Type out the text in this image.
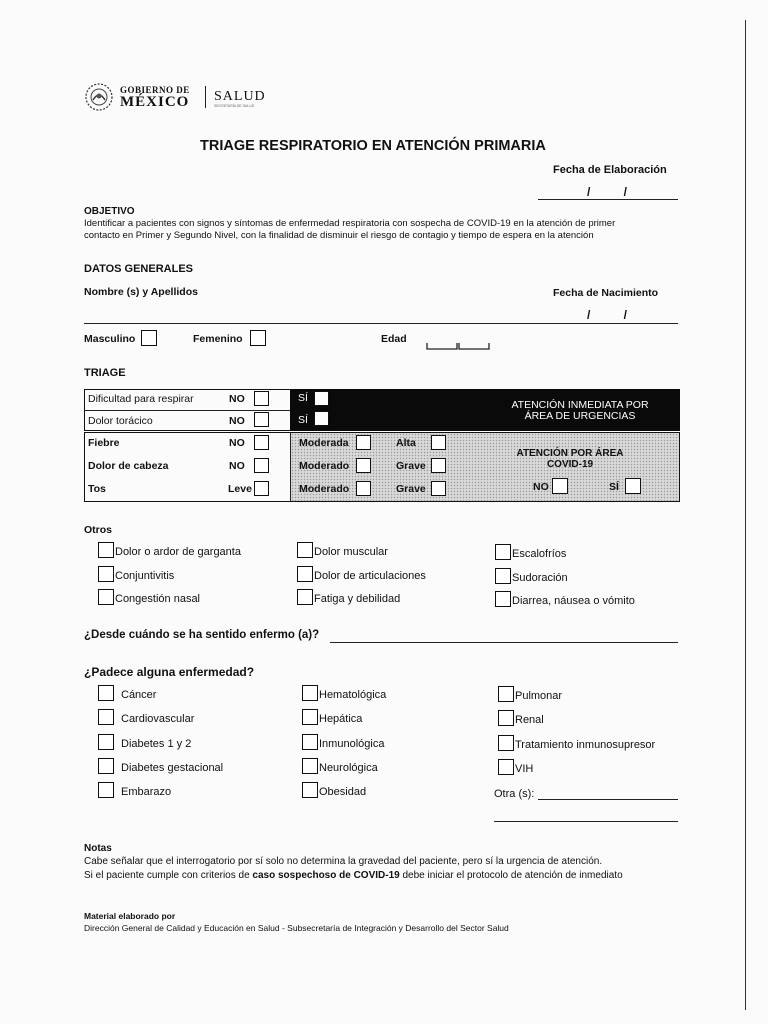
GOBIERNO DE
MÉXICO SALUD
SECRETARÍA DE SALUD
TRIAGE RESPIRATORIO EN ATENCIÓN PRIMARIA
Fecha de Elaboración
/          /
OBJETIVO
Identificar a pacientes con signos y síntomas de enfermedad respiratoria con sospecha de COVID-19 en la atención de primer
contacto en Primer y Segundo Nivel, con la finalidad de disminuir el riesgo de contagio y tiempo de espera en la atención
DATOS GENERALES
Nombre (s) y Apellidos	Fecha de Nacimiento
/          /
Masculino	Femenino	Edad
TRIAGE
Dificultad para respirar	NO	SÍ
Dolor torácico	NO	SÍ
ATENCIÓN INMEDIATA POR
ÁREA DE URGENCIAS
Fiebre	NO	Moderada	Alta
Dolor de cabeza	NO	Moderado	Grave
Tos	Leve	Moderado	Grave
ATENCIÓN POR ÁREA
COVID-19
NO	SÍ
Otros
Dolor o ardor de garganta
Conjuntivitis
Congestión nasal
Dolor muscular
Dolor de articulaciones
Fatiga y debilidad
Escalofríos
Sudoración
Diarrea, náusea o vómito
¿Desde cuándo se ha sentido enfermo (a)?
¿Padece alguna enfermedad?
Cáncer
Cardiovascular
Diabetes 1 y 2
Diabetes gestacional
Embarazo
Hematológica
Hepática
Inmunológica
Neurológica
Obesidad
Pulmonar
Renal
Tratamiento inmunosupresor
VIH
Otra (s):
Notas
Cabe señalar que el interrogatorio por sí solo no determina la gravedad del paciente, pero sí la urgencia de atención.
Si el paciente cumple con criterios de caso sospechoso de COVID-19 debe iniciar el protocolo de atención de inmediato
Material elaborado por
Dirección General de Calidad y Educación en Salud - Subsecretaría de Integración y Desarrollo del Sector Salud
